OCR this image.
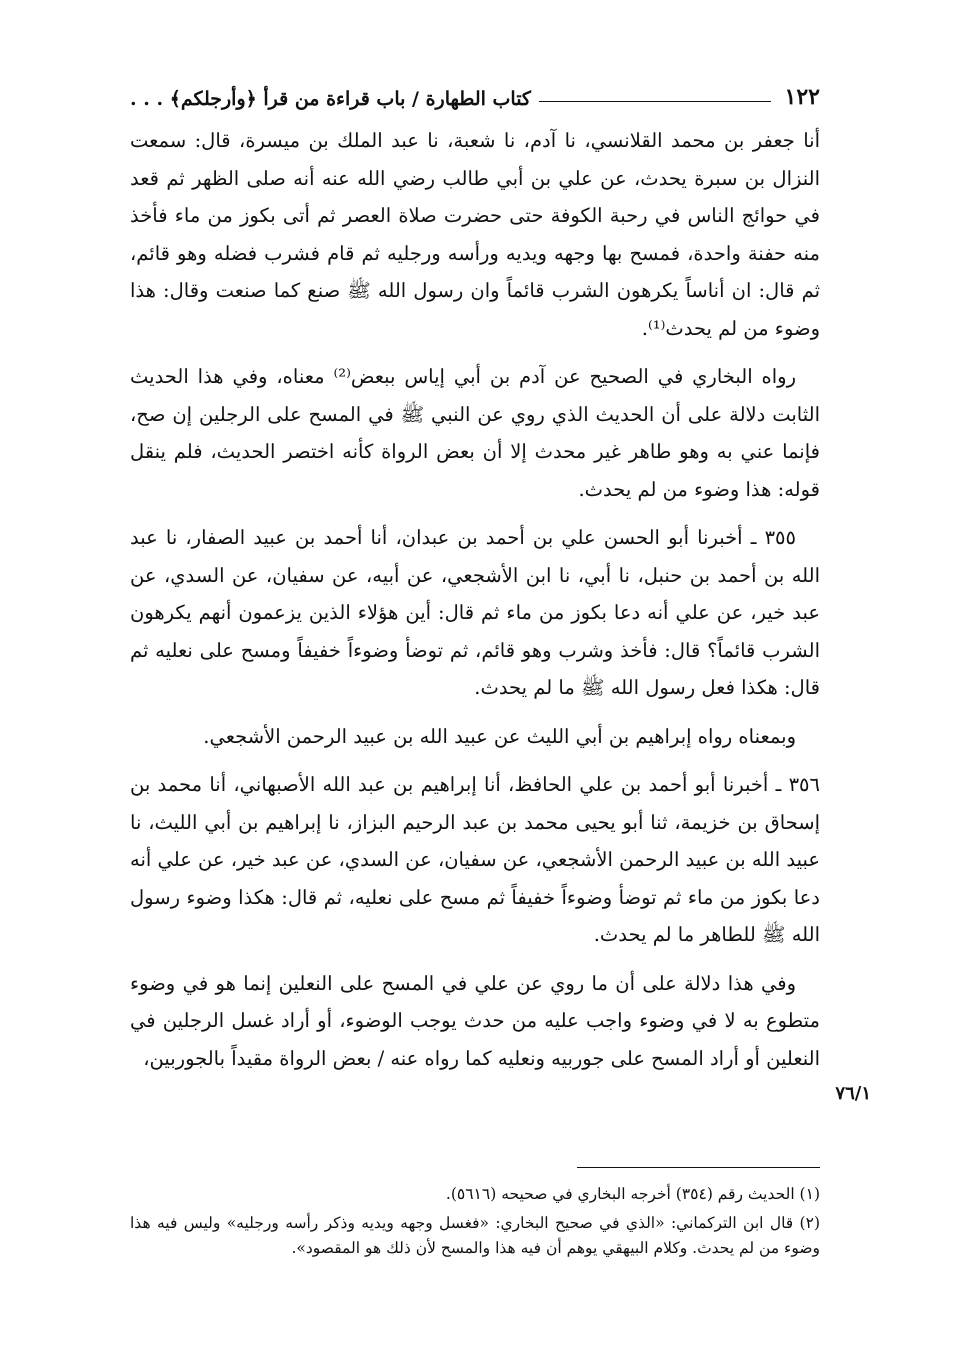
١٢٢
كتاب الطهارة / باب قراءة من قرأ ﴿وأرجلكم﴾ . . .

أنا جعفر بن محمد القلانسي، نا آدم، نا شعبة، نا عبد الملك بن ميسرة، قال: سمعت النزال بن سبرة يحدث، عن علي بن أبي طالب رضي الله عنه أنه صلى الظهر ثم قعد في حوائج الناس في رحبة الكوفة حتى حضرت صلاة العصر ثم أتى بكوز من ماء فأخذ منه حفنة واحدة، فمسح بها وجهه ويديه ورأسه ورجليه ثم قام فشرب فضله وهو قائم، ثم قال: ان أناساً يكرهون الشرب قائماً وان رسول الله ﷺ صنع كما صنعت وقال: هذا وضوء من لم يحدث⁽¹⁾.

رواه البخاري في الصحيح عن آدم بن أبي إياس ببعض⁽²⁾ معناه، وفي هذا الحديث الثابت دلالة على أن الحديث الذي روي عن النبي ﷺ في المسح على الرجلين إن صح، فإنما عني به وهو طاهر غير محدث إلا أن بعض الرواة كأنه اختصر الحديث، فلم ينقل قوله: هذا وضوء من لم يحدث.

٣٥٥ ـ أخبرنا أبو الحسن علي بن أحمد بن عبدان، أنا أحمد بن عبيد الصفار، نا عبد الله بن أحمد بن حنبل، نا أبي، نا ابن الأشجعي، عن أبيه، عن سفيان، عن السدي، عن عبد خير، عن علي أنه دعا بكوز من ماء ثم قال: أين هؤلاء الذين يزعمون أنهم يكرهون الشرب قائماً؟ قال: فأخذ وشرب وهو قائم، ثم توضأ وضوءاً خفيفاً ومسح على نعليه ثم قال: هكذا فعل رسول الله ﷺ ما لم يحدث.

وبمعناه رواه إبراهيم بن أبي الليث عن عبيد الله بن عبيد الرحمن الأشجعي.

٣٥٦ ـ أخبرنا أبو أحمد بن علي الحافظ، أنا إبراهيم بن عبد الله الأصبهاني، أنا محمد بن إسحاق بن خزيمة، ثنا أبو يحيى محمد بن عبد الرحيم البزاز، نا إبراهيم بن أبي الليث، نا عبيد الله بن عبيد الرحمن الأشجعي، عن سفيان، عن السدي، عن عبد خير، عن علي أنه دعا بكوز من ماء ثم توضأ وضوءاً خفيفاً ثم مسح على نعليه، ثم قال: هكذا وضوء رسول الله ﷺ للطاهر ما لم يحدث.

وفي هذا دلالة على أن ما روي عن علي في المسح على النعلين إنما هو في وضوء متطوع به لا في وضوء واجب عليه من حدث يوجب الوضوء، أو أراد غسل الرجلين في النعلين أو أراد المسح على جوربيه ونعليه كما رواه عنه / بعض الرواة مقيداً بالجوربين،

٧٦/١

(١) الحديث رقم (٣٥٤) أخرجه البخاري في صحيحه (٥٦١٦).

(٢) قال ابن التركماني: «الذي في صحيح البخاري: «فغسل وجهه ويديه وذكر رأسه ورجليه» وليس فيه هذا وضوء من لم يحدث. وكلام البيهقي يوهم أن فيه هذا والمسح لأن ذلك هو المقصود».
